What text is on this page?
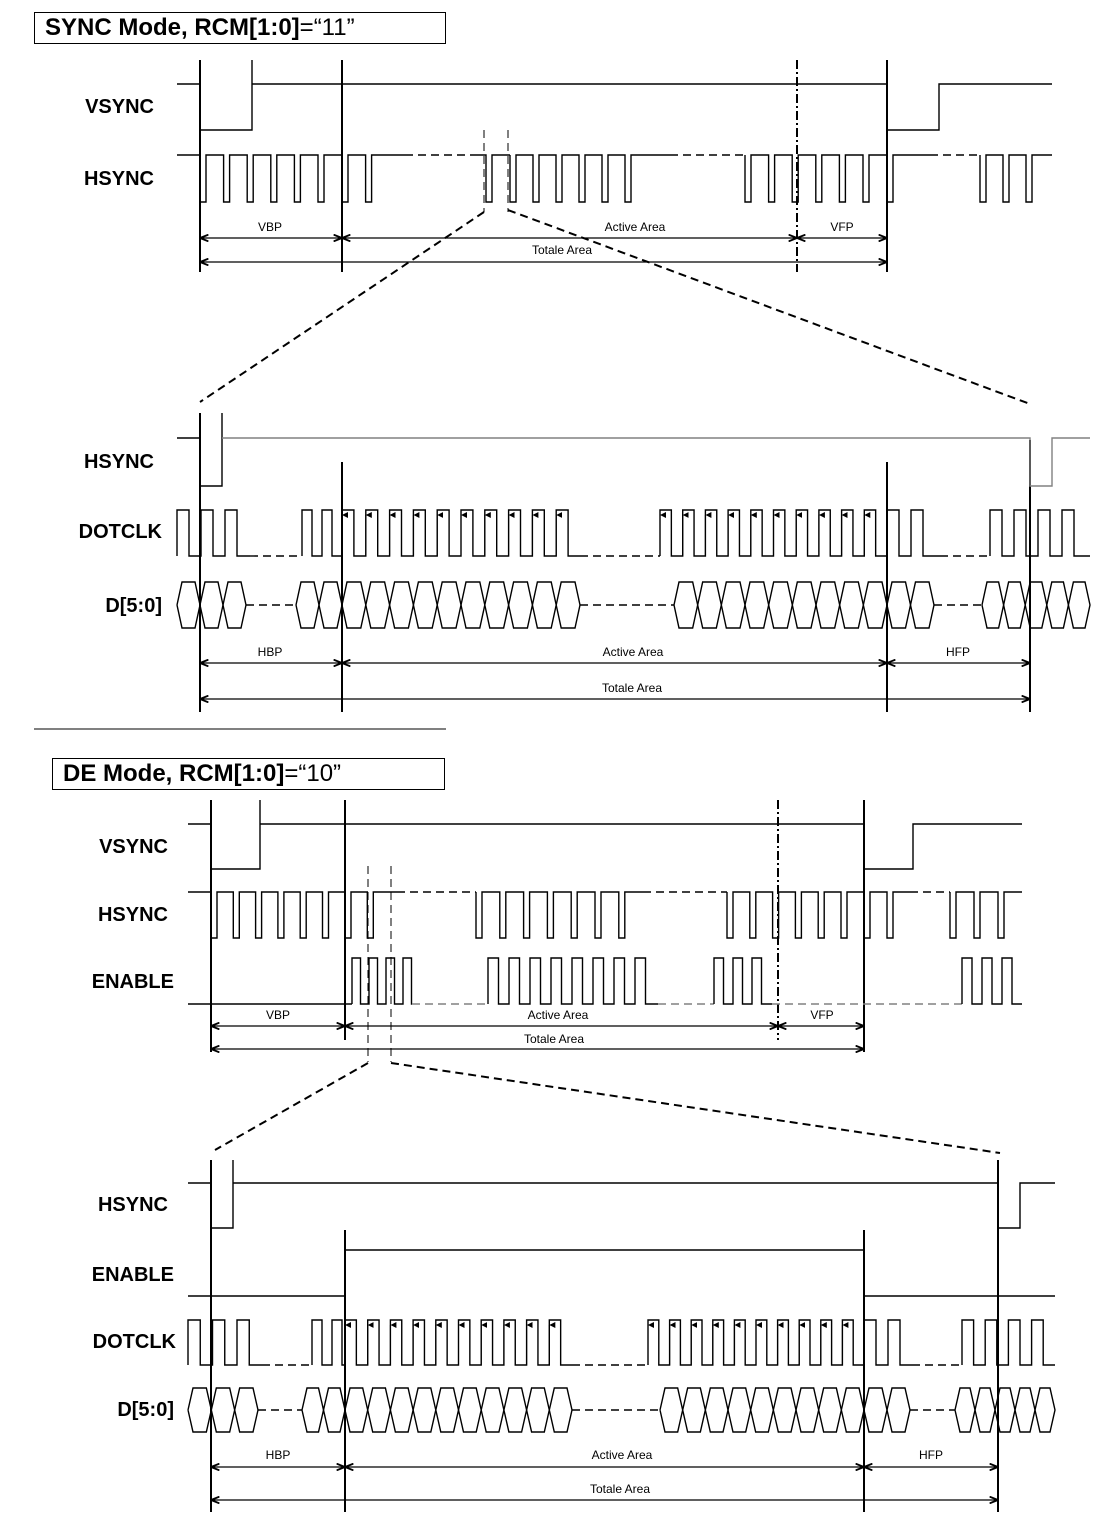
SYNC Mode, RCM[1:0]=“11”
VSYNC
HSYNC
VBP	Active Area	VFP
Totale Area
HSYNC
DOTCLK
D[5:0]
HBP	Active Area	HFP
Totale Area
DE Mode, RCM[1:0]=“10”
VSYNC
HSYNC
ENABLE
VBP	Active Area	VFP
Totale Area
HSYNC
ENABLE
DOTCLK
D[5:0]
HBP	Active Area	HFP
Totale Area
